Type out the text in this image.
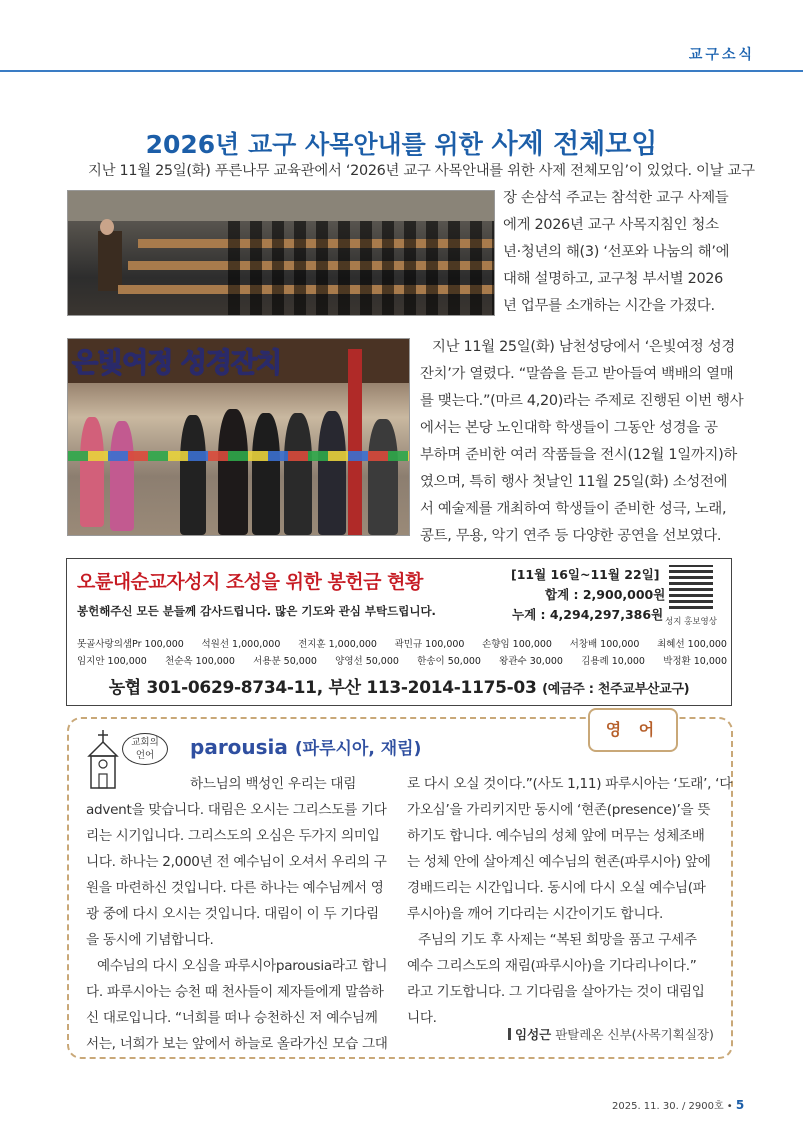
교구소식
2026년 교구 사목안내를 위한 사제 전체모임
지난 11월 25일(화) 푸른나무 교육관에서 ‘2026년 교구 사목안내를 위한 사제 전체모임’이 있었다. 이날 교구
장 손삼석 주교는 참석한 교구 사제들
에게 2026년 교구 사목지침인 청소
년·청년의 해(3) ‘선포와 나눔의 해’에
대해 설명하고, 교구청 부서별 2026
년 업무를 소개하는 시간을 가졌다.
은빛여정 성경잔치
지난 11월 25일(화) 남천성당에서 ‘은빛여정 성경
잔치’가 열렸다. “말씀을 듣고 받아들여 백배의 열매
를 맺는다.”(마르 4,20)라는 주제로 진행된 이번 행사
에서는 본당 노인대학 학생들이 그동안 성경을 공
부하며 준비한 여러 작품들을 전시(12월 1일까지)하
였으며, 특히 행사 첫날인 11월 25일(화) 소성전에
서 예술제를 개최하여 학생들이 준비한 성극, 노래,
콩트, 무용, 악기 연주 등 다양한 공연을 선보였다.
오륜대순교자성지 조성을 위한 봉헌금 현황
봉헌해주신 모든 분들께 감사드립니다. 많은 기도와 관심 부탁드립니다.
[11월 16일~11월 22일]
합계 : 2,900,000원
누계 : 4,294,297,386원 성지 홍보영상
못골사랑의샘Pr 100,000 석원선 1,000,000 전지훈 1,000,000 곽민규 100,000 손향임 100,000 서창배 100,000 최혜선 100,000
임지안 100,000 천순옥 100,000 서용분 50,000 양영선 50,000 한송이 50,000 왕관수 30,000 김용례 10,000 박정환 10,000
농협 301-0629-8734-11, 부산 113-2014-1175-03 (예금주 : 천주교부산교구)
영 어
교회의
언어	parousia (파루시아, 재림)
하느님의 백성인 우리는 대림
advent을 맞습니다. 대림은 오시는 그리스도를 기다
리는 시기입니다. 그리스도의 오심은 두가지 의미입
니다. 하나는 2,000년 전 예수님이 오셔서 우리의 구
원을 마련하신 것입니다. 다른 하나는 예수님께서 영
광 중에 다시 오시는 것입니다. 대림이 이 두 기다림
을 동시에 기념합니다.
예수님의 다시 오심을 파루시아parousia라고 합니
다. 파루시아는 승천 때 천사들이 제자들에게 말씀하
신 대로입니다. “너희를 떠나 승천하신 저 예수님께
서는, 너희가 보는 앞에서 하늘로 올라가신 모습 그대
로 다시 오실 것이다.”(사도 1,11) 파루시아는 ‘도래’, ‘다
가오심’을 가리키지만 동시에 ‘현존(presence)’을 뜻
하기도 합니다. 예수님의 성체 앞에 머무는 성체조배
는 성체 안에 살아계신 예수님의 현존(파루시아) 앞에
경배드리는 시간입니다. 동시에 다시 오실 예수님(파
루시아)을 깨어 기다리는 시간이기도 합니다.
주님의 기도 후 사제는 “복된 희망을 품고 구세주
예수 그리스도의 재림(파루시아)을 기다리나이다.”
라고 기도합니다. 그 기다림을 살아가는 것이 대림입
니다.
임성근 판탈레온 신부(사목기획실장)
2025. 11. 30. / 2900호 • 5
